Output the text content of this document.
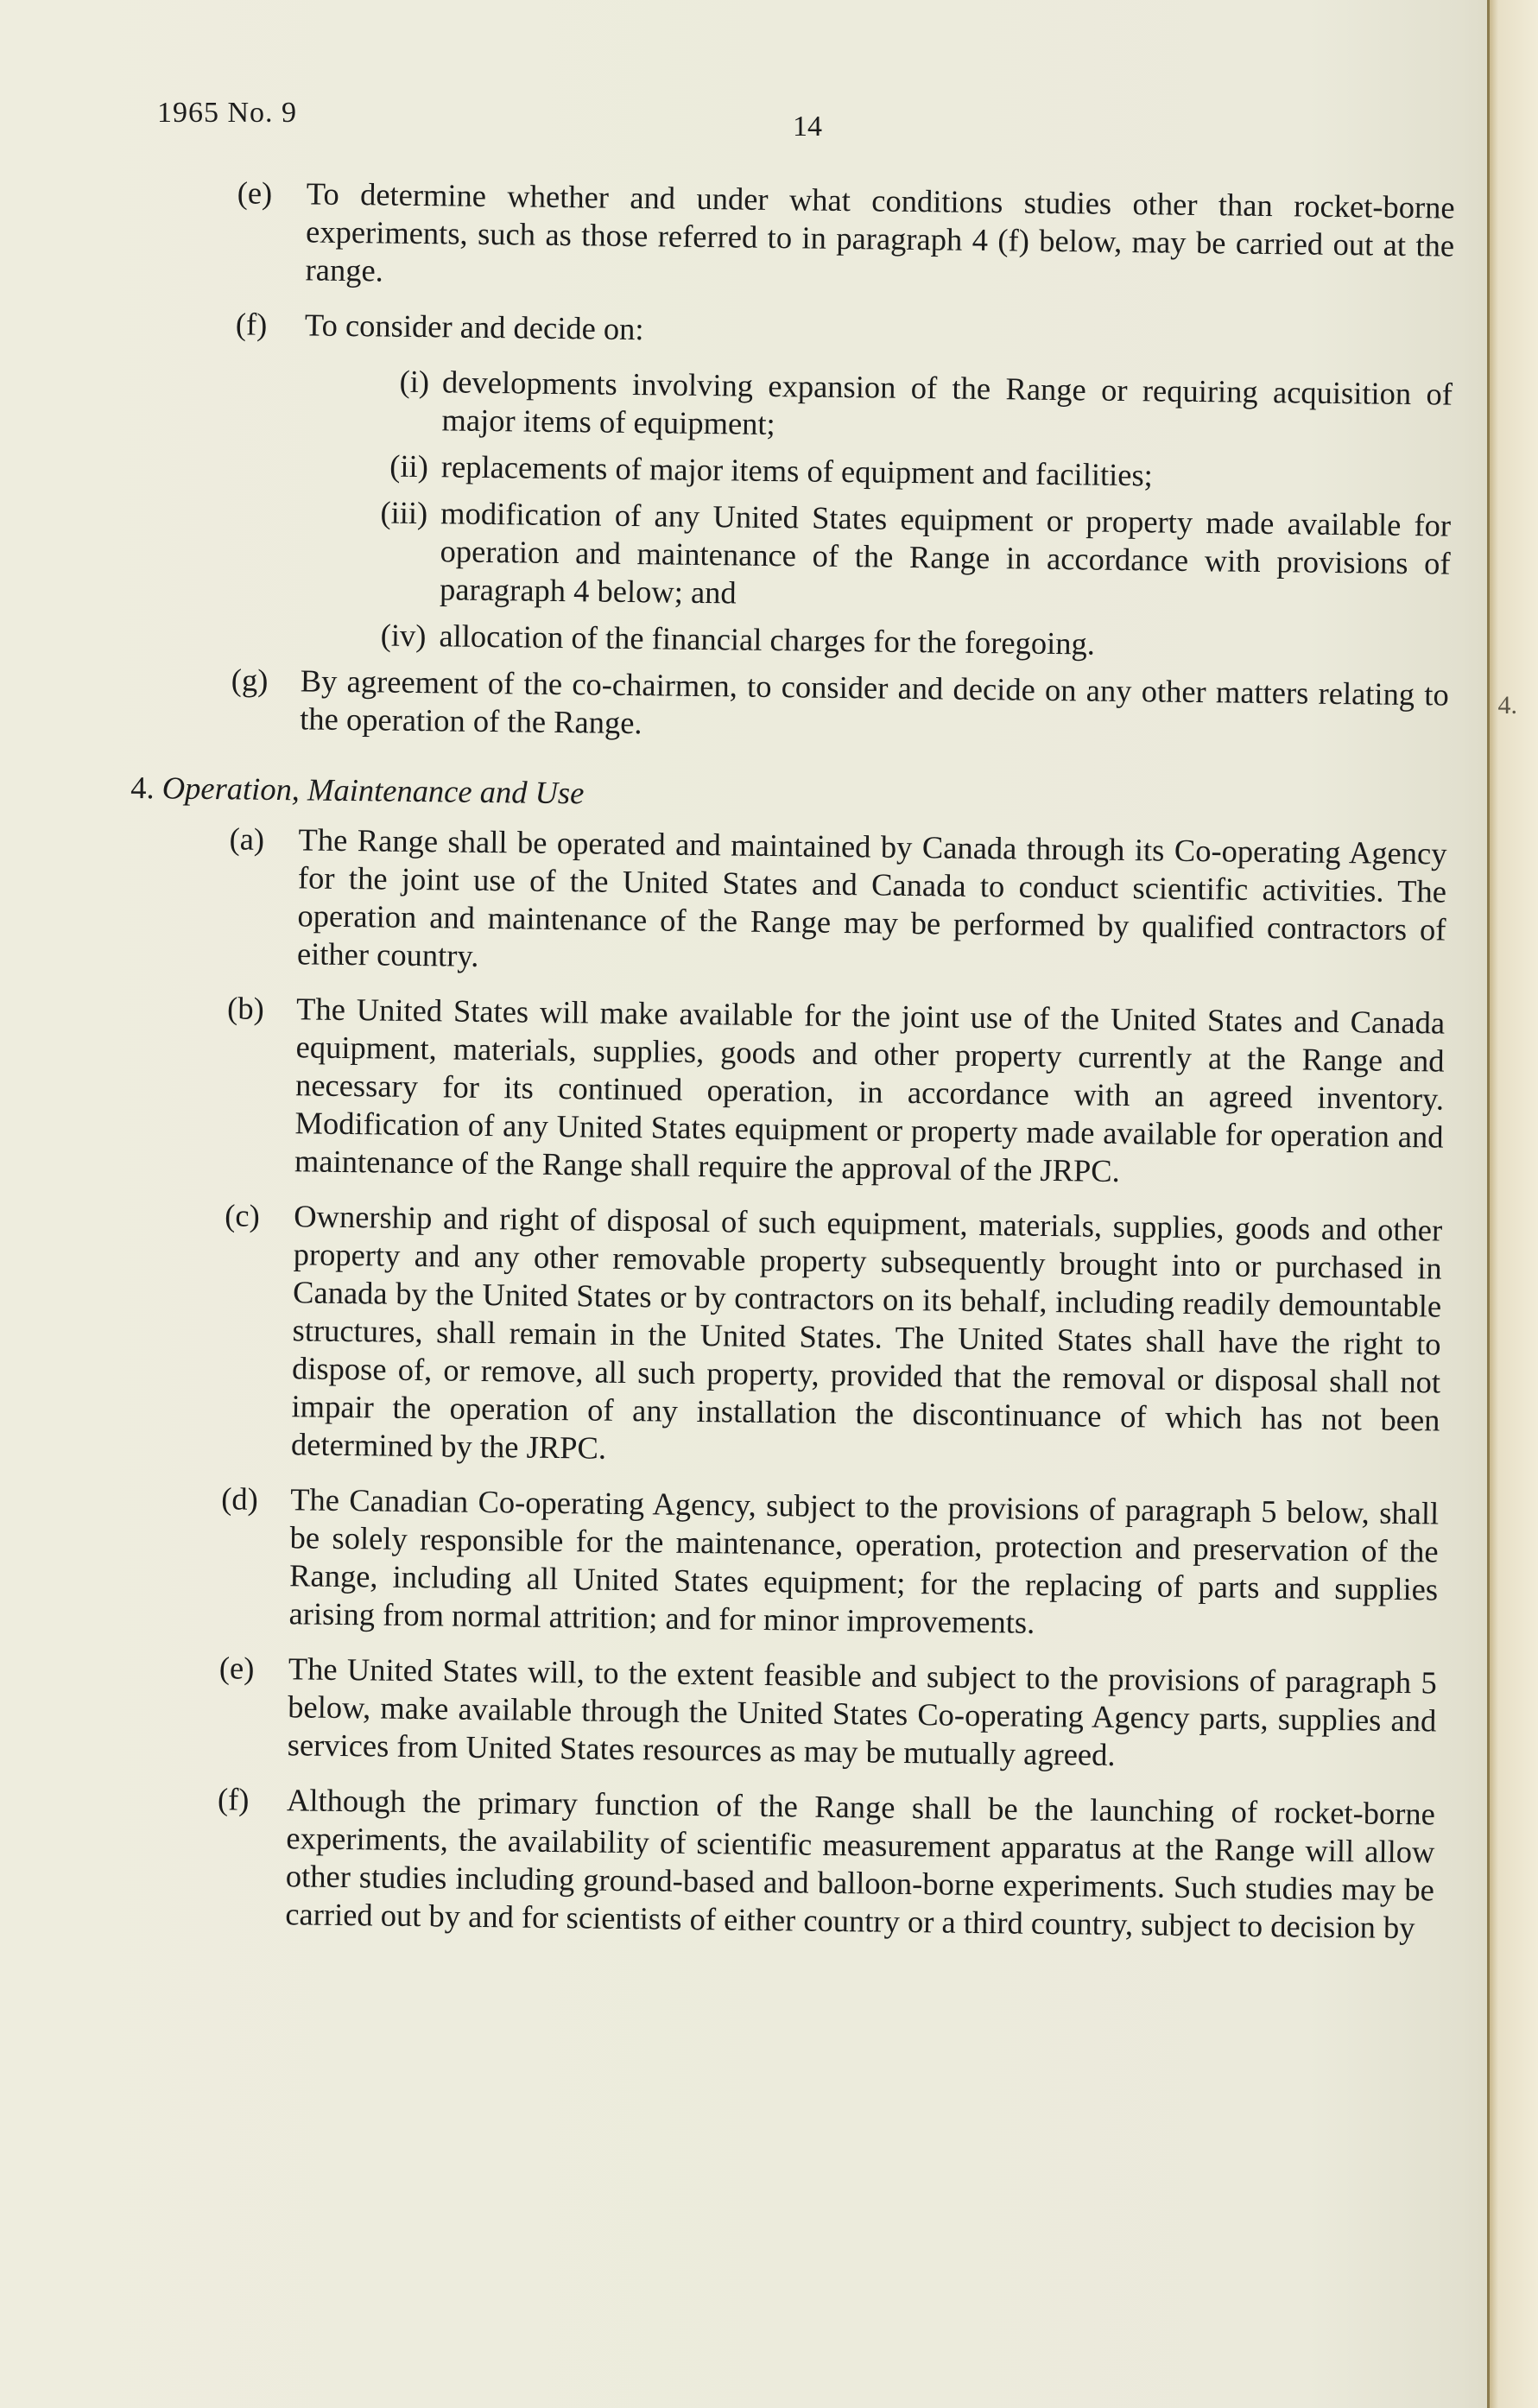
4.
1965 No. 9	14
(e) To determine whether and under what conditions studies other than rocket-borne experiments, such as those referred to in paragraph 4 (f) below, may be carried out at the range.
(f) To consider and decide on:
(i) developments involving expansion of the Range or requiring acquisition of major items of equipment;
(ii) replacements of major items of equipment and facilities;
(iii) modification of any United States equipment or property made available for operation and maintenance of the Range in accordance with provisions of paragraph 4 below; and
(iv) allocation of the financial charges for the foregoing.
(g) By agreement of the co-chairmen, to consider and decide on any other matters relating to the operation of the Range.
4. Operation, Maintenance and Use
(a) The Range shall be operated and maintained by Canada through its Co-operating Agency for the joint use of the United States and Canada to conduct scientific activities. The operation and maintenance of the Range may be performed by qualified contractors of either country.
(b) The United States will make available for the joint use of the United States and Canada equipment, materials, supplies, goods and other property currently at the Range and necessary for its continued operation, in accordance with an agreed inventory. Modification of any United States equipment or property made available for operation and maintenance of the Range shall require the approval of the JRPC.
(c) Ownership and right of disposal of such equipment, materials, supplies, goods and other property and any other removable property subsequently brought into or purchased in Canada by the United States or by contractors on its behalf, including readily demountable structures, shall remain in the United States. The United States shall have the right to dispose of, or remove, all such property, provided that the removal or disposal shall not impair the operation of any installation the discontinuance of which has not been determined by the JRPC.
(d) The Canadian Co-operating Agency, subject to the provisions of paragraph 5 below, shall be solely responsible for the maintenance, operation, protection and preservation of the Range, including all United States equipment; for the replacing of parts and supplies arising from normal attrition; and for minor improvements.
(e) The United States will, to the extent feasible and subject to the provisions of paragraph 5 below, make available through the United States Co-operating Agency parts, supplies and services from United States resources as may be mutually agreed.
(f) Although the primary function of the Range shall be the launching of rocket-borne experiments, the availability of scientific measurement apparatus at the Range will allow other studies including ground-based and balloon-borne experiments. Such studies may be carried out by and for scientists of either country or a third country, subject to decision by
